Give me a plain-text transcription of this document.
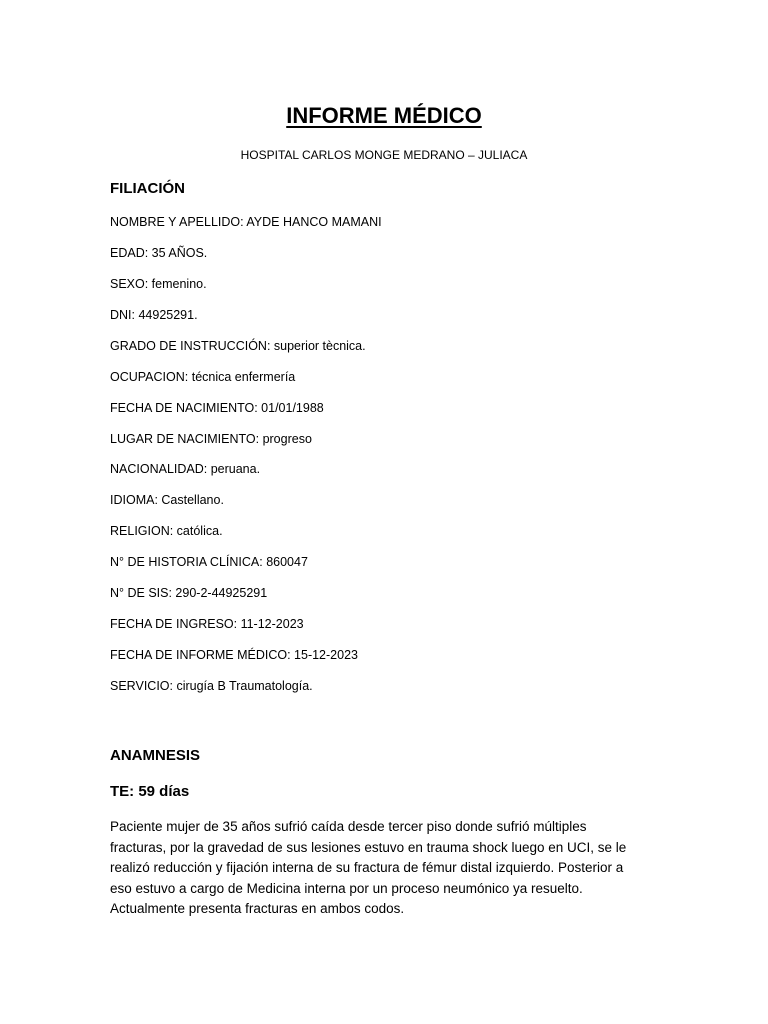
INFORME MÉDICO
HOSPITAL CARLOS MONGE MEDRANO – JULIACA
FILIACIÓN
NOMBRE Y APELLIDO: AYDE HANCO MAMANI
EDAD: 35 AÑOS.
SEXO: femenino.
DNI: 44925291.
GRADO DE INSTRUCCIÓN: superior tècnica.
OCUPACION: técnica enfermería
FECHA DE NACIMIENTO: 01/01/1988
LUGAR DE NACIMIENTO: progreso
NACIONALIDAD: peruana.
IDIOMA: Castellano.
RELIGION: católica.
N° DE HISTORIA CLÍNICA: 860047
N° DE SIS: 290-2-44925291
FECHA DE INGRESO: 11-12-2023
FECHA DE INFORME MÉDICO: 15-12-2023
SERVICIO: cirugía B Traumatología.
ANAMNESIS
TE: 59 días
Paciente mujer de 35 años sufrió caída desde tercer piso donde sufrió múltiples
fracturas, por la gravedad de sus lesiones estuvo en trauma shock luego en UCI, se le
realizó reducción y fijación interna de su fractura de fémur distal izquierdo. Posterior a
eso estuvo a cargo de Medicina interna por un proceso neumónico ya resuelto.
Actualmente presenta fracturas en ambos codos.
